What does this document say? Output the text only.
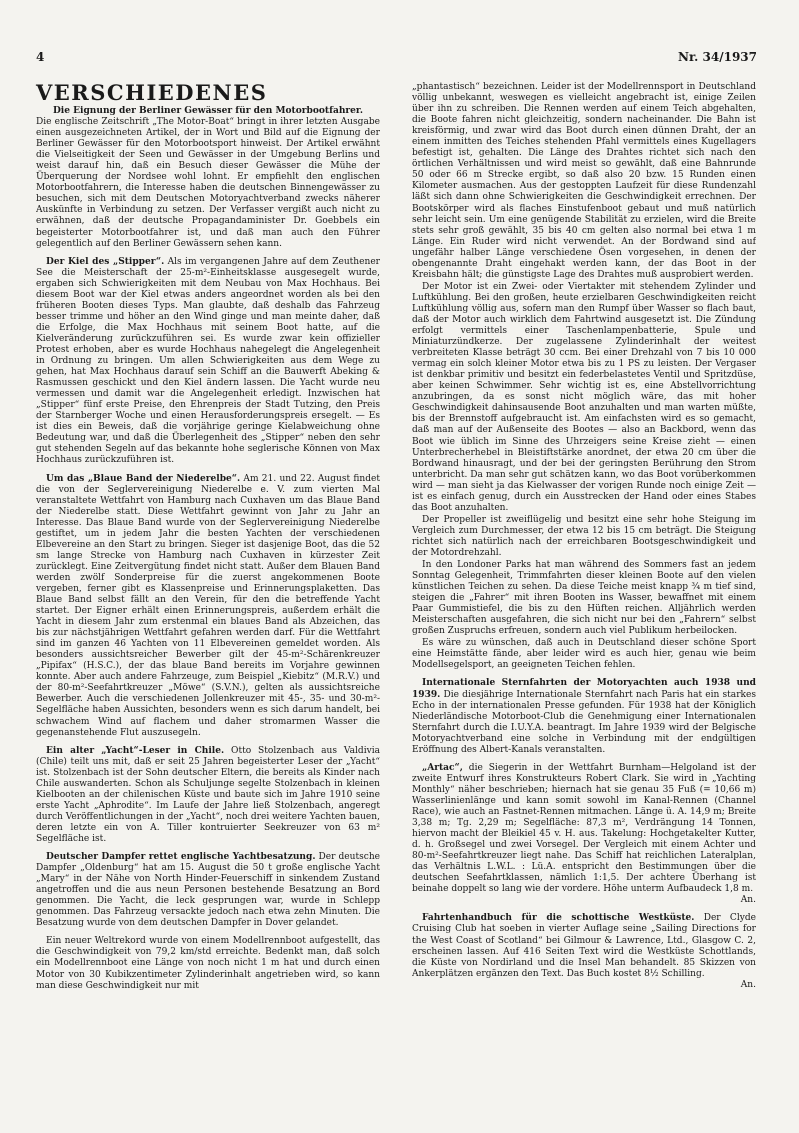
4	Nr. 34/1937
VERSCHIEDENES

Die Eignung der Berliner Gewässer für den Motorbootfahrer.

Die englische Zeitschrift „The Motor-Boat“ bringt in ihrer letzten Ausgabe einen ausgezeichneten Artikel, der in Wort und Bild auf die Eignung der Berliner Gewässer für den Motorbootsport hinweist. Der Artikel erwähnt die Vielseitigkeit der Seen und Gewässer in der Umgebung Berlins und weist darauf hin, daß ein Besuch dieser Gewässer die Mühe der Überquerung der Nordsee wohl lohnt. Er empfiehlt den englischen Motorbootfahrern, die Interesse haben die deutschen Binnengewässer zu besuchen, sich mit dem Deutschen Motoryachtverband zwecks näherer Auskünfte in Verbindung zu setzen. Der Verfasser vergißt auch nicht zu erwähnen, daß der deutsche Propagandaminister Dr. Goebbels ein begeisterter Motorbootfahrer ist, und daß man auch den Führer gelegentlich auf den Berliner Gewässern sehen kann.

Der Kiel des „Stipper“. Als im vergangenen Jahre auf dem Zeuthener See die Meisterschaft der 25-m²-Einheitsklasse ausgesegelt wurde, ergaben sich Schwierigkeiten mit dem Neubau von Max Hochhaus. Bei diesem Boot war der Kiel etwas anders angeordnet worden als bei den früheren Booten dieses Typs. Man glaubte, daß deshalb das Fahrzeug besser trimme und höher an den Wind ginge und man meinte daher, daß die Erfolge, die Max Hochhaus mit seinem Boot hatte, auf die Kielveränderung zurückzuführen sei. Es wurde zwar kein offizieller Protest erhoben, aber es wurde Hochhaus nahegelegt die Angelegenheit in Ordnung zu bringen. Um allen Schwierigkeiten aus dem Wege zu gehen, hat Max Hochhaus darauf sein Schiff an die Bauwerft Abeking & Rasmussen geschickt und den Kiel ändern lassen. Die Yacht wurde neu vermessen und damit war die Angelegenheit erledigt. Inzwischen hat „Stipper“ fünf erste Preise, den Ehrenpreis der Stadt Tutzing, den Preis der Starnberger Woche und einen Herausforderungspreis ersegelt. — Es ist dies ein Beweis, daß die vorjährige geringe Kielabweichung ohne Bedeutung war, und daß die Überlegenheit des „Stipper“ neben den sehr gut stehenden Segeln auf das bekannte hohe seglerische Können von Max Hochhaus zurückzuführen ist.

Um das „Blaue Band der Niederelbe“. Am 21. und 22. August findet die von der Seglervereinigung Niederelbe e. V. zum vierten Mal veranstaltete Wettfahrt von Hamburg nach Cuxhaven um das Blaue Band der Niederelbe statt. Diese Wettfahrt gewinnt von Jahr zu Jahr an Interesse. Das Blaue Band wurde von der Seglervereinigung Niederelbe gestiftet, um in jedem Jahr die besten Yachten der verschiedenen Elbevereine an den Start zu bringen. Sieger ist dasjenige Boot, das die 52 sm lange Strecke von Hamburg nach Cuxhaven in kürzester Zeit zurücklegt. Eine Zeitvergütung findet nicht statt. Außer dem Blauen Band werden zwölf Sonderpreise für die zuerst angekommenen Boote vergeben, ferner gibt es Klassenpreise und Erinnerungsplaketten. Das Blaue Band selbst fällt an den Verein, für den die betreffende Yacht startet. Der Eigner erhält einen Erinnerungspreis, außerdem erhält die Yacht in diesem Jahr zum erstenmal ein blaues Band als Abzeichen, das bis zur nächstjährigen Wettfahrt gefahren werden darf. Für die Wettfahrt sind im ganzen 46 Yachten von 11 Elbevereinen gemeldet worden. Als besonders aussichtsreicher Bewerber gilt der 45-m²-Schärenkreuzer „Pipifax“ (H.S.C.), der das blaue Band bereits im Vorjahre gewinnen konnte. Aber auch andere Fahrzeuge, zum Beispiel „Kiebitz“ (M.R.V.) und der 80-m²-Seefahrtkreuzer „Möwe“ (S.V.N.), gelten als aussichtsreiche Bewerber. Auch die verschiedenen Jollenkreuzer mit 45-, 35- und 30-m²-Segelfläche haben Aussichten, besonders wenn es sich darum handelt, bei schwachem Wind auf flachem und daher stromarmen Wasser die gegenanstehende Flut auszusegeln.

Ein alter „Yacht“-Leser in Chile. Otto Stolzenbach aus Valdivia (Chile) teilt uns mit, daß er seit 25 Jahren begeisterter Leser der „Yacht“ ist. Stolzenbach ist der Sohn deutscher Eltern, die bereits als Kinder nach Chile auswanderten. Schon als Schuljunge segelte Stolzenbach in kleinen Kielbooten an der chilenischen Küste und baute sich im Jahre 1910 seine erste Yacht „Aphrodite“. Im Laufe der Jahre ließ Stolzenbach, angeregt durch Veröffentlichungen in der „Yacht“, noch drei weitere Yachten bauen, deren letzte ein von A. Tiller kontruierter Seekreuzer von 63 m² Segelfläche ist.

Deutscher Dampfer rettet englische Yachtbesatzung. Der deutsche Dampfer „Oldenburg“ hat am 15. August die 50 t große englische Yacht „Mary“ in der Nähe von North Hinder-Feuerschiff in sinkendem Zustand angetroffen und die aus neun Personen bestehende Besatzung an Bord genommen. Die Yacht, die leck gesprungen war, wurde in Schlepp genommen. Das Fahrzeug versackte jedoch nach etwa zehn Minuten. Die Besatzung wurde von dem deutschen Dampfer in Dover gelandet.

Ein neuer Weltrekord wurde von einem Modellrennboot aufgestellt, das die Geschwindigkeit von 79,2 km/std erreichte. Bedenkt man, daß solch ein Modellrennboot eine Länge von noch nicht 1 m hat und durch einen Motor von 30 Kubikzentimeter Zylinderinhalt angetrieben wird, so kann man diese Geschwindigkeit nur mit

„phantastisch“ bezeichnen. Leider ist der Modellrennsport in Deutschland völlig unbekannt, weswegen es vielleicht angebracht ist, einige Zeilen über ihn zu schreiben. Die Rennen werden auf einem Teich abgehalten, die Boote fahren nicht gleichzeitig, sondern nacheinander. Die Bahn ist kreisförmig, und zwar wird das Boot durch einen dünnen Draht, der an einem inmitten des Teiches stehenden Pfahl vermittels eines Kugellagers befestigt ist, gehalten. Die Länge des Drahtes richtet sich nach den örtlichen Verhältnissen und wird meist so gewählt, daß eine Bahnrunde 50 oder 66 m Strecke ergibt, so daß also 20 bzw. 15 Runden einen Kilometer ausmachen. Aus der gestoppten Laufzeit für diese Rundenzahl läßt sich dann ohne Schwierigkeiten die Geschwindigkeit errechnen. Der Bootskörper wird als flaches Einstufenboot gebaut und muß natürlich sehr leicht sein. Um eine genügende Stabilität zu erzielen, wird die Breite stets sehr groß gewählt, 35 bis 40 cm gelten also normal bei etwa 1 m Länge. Ein Ruder wird nicht verwendet. An der Bordwand sind auf ungefähr halber Länge verschiedene Ösen vorgesehen, in denen der obengenannte Draht eingehakt werden kann, der das Boot in der Kreisbahn hält; die günstigste Lage des Drahtes muß ausprobiert werden.

Der Motor ist ein Zwei- oder Viertakter mit stehendem Zylinder und Luftkühlung. Bei den großen, heute erzielbaren Geschwindigkeiten reicht Luftkühlung völlig aus, sofern man den Rumpf über Wasser so flach baut, daß der Motor auch wirklich dem Fahrtwind ausgesetzt ist. Die Zündung erfolgt vermittels einer Taschenlampenbatterie, Spule und Miniaturzündkerze. Der zugelassene Zylinderinhalt der weitest verbreiteten Klasse beträgt 30 ccm. Bei einer Drehzahl von 7 bis 10 000 vermag ein solch kleiner Motor etwa bis zu 1 PS zu leisten. Der Vergaser ist denkbar primitiv und besitzt ein federbelastetes Ventil und Spritzdüse, aber keinen Schwimmer. Sehr wichtig ist es, eine Abstellvorrichtung anzubringen, da es sonst nicht möglich wäre, das mit hoher Geschwindigkeit dahinsausende Boot anzuhalten und man warten müßte, bis der Brennstoff aufgebraucht ist. Am einfachsten wird es so gemacht, daß man auf der Außenseite des Bootes — also an Backbord, wenn das Boot wie üblich im Sinne des Uhrzeigers seine Kreise zieht — einen Unterbrecherhebel in Bleistiftstärke anordnet, der etwa 20 cm über die Bordwand hinausragt, und der bei der geringsten Berührung den Strom unterbricht. Da man sehr gut schätzen kann, wo das Boot vorüberkommen wird — man sieht ja das Kielwasser der vorigen Runde noch einige Zeit — ist es einfach genug, durch ein Ausstrecken der Hand oder eines Stabes das Boot anzuhalten.

Der Propeller ist zweiflügelig und besitzt eine sehr hohe Steigung im Vergleich zum Durchmesser, der etwa 12 bis 15 cm beträgt. Die Steigung richtet sich natürlich nach der erreichbaren Bootsgeschwindigkeit und der Motordrehzahl.

In den Londoner Parks hat man während des Sommers fast an jedem Sonntag Gelegenheit, Trimmfahrten dieser kleinen Boote auf den vielen künstlichen Teichen zu sehen. Da diese Teiche meist knapp ¾ m tief sind, steigen die „Fahrer“ mit ihren Booten ins Wasser, bewaffnet mit einem Paar Gummistiefel, die bis zu den Hüften reichen. Alljährlich werden Meisterschaften ausgefahren, die sich nicht nur bei den „Fahrern“ selbst großen Zuspruchs erfreuen, sondern auch viel Publikum herbeilocken.

Es wäre zu wünschen, daß auch in Deutschland dieser schöne Sport eine Heimstätte fände, aber leider wird es auch hier, genau wie beim Modellsegelsport, an geeigneten Teichen fehlen.

Internationale Sternfahrten der Motoryachten auch 1938 und 1939. Die diesjährige Internationale Sternfahrt nach Paris hat ein starkes Echo in der internationalen Presse gefunden. Für 1938 hat der Königlich Niederländische Motorboot-Club die Genehmigung einer Internationalen Sternfahrt durch die I.U.Y.A. beantragt. Im Jahre 1939 wird der Belgische Motoryachtverband eine solche in Verbindung mit der endgültigen Eröffnung des Albert-Kanals veranstalten.

„Artac“, die Siegerin in der Wettfahrt Burnham—Helgoland ist der zweite Entwurf ihres Konstrukteurs Robert Clark. Sie wird in „Yachting Monthly“ näher beschrieben; hiernach hat sie genau 35 Fuß (= 10,66 m) Wasserlinienlänge und kann somit sowohl im Kanal-Rennen (Channel Race), wie auch an Fastnet-Rennen mitmachen. Länge ü. A. 14,9 m; Breite 3,38 m; Tg. 2,29 m; Segelfläche: 87,3 m², Verdrängung 14 Tonnen, hiervon macht der Bleikiel 45 v. H. aus. Takelung: Hochgetakelter Kutter, d. h. Großsegel und zwei Vorsegel. Der Vergleich mit einem Achter und 80-m²-Seefahrtkreuzer liegt nahe. Das Schiff hat reichlichen Lateralplan, das Verhältnis L.W.L. : Lü.A. entspricht den Bestimmungen über die deutschen Seefahrtklassen, nämlich 1:1,5. Der achtere Überhang ist beinahe doppelt so lang wie der vordere. Höhe unterm Aufbaudeck 1,8 m.
An.

Fahrtenhandbuch für die schottische Westküste. Der Clyde Cruising Club hat soeben in vierter Auflage seine „Sailing Directions for the West Coast of Scotland“ bei Gilmour & Lawrence, Ltd., Glasgow C. 2, erscheinen lassen. Auf 416 Seiten Text wird die Westküste Schottlands, die Küste von Nordirland und die Insel Man behandelt. 85 Skizzen von Ankerplätzen ergänzen den Text. Das Buch kostet 8½ Schilling.
An.
